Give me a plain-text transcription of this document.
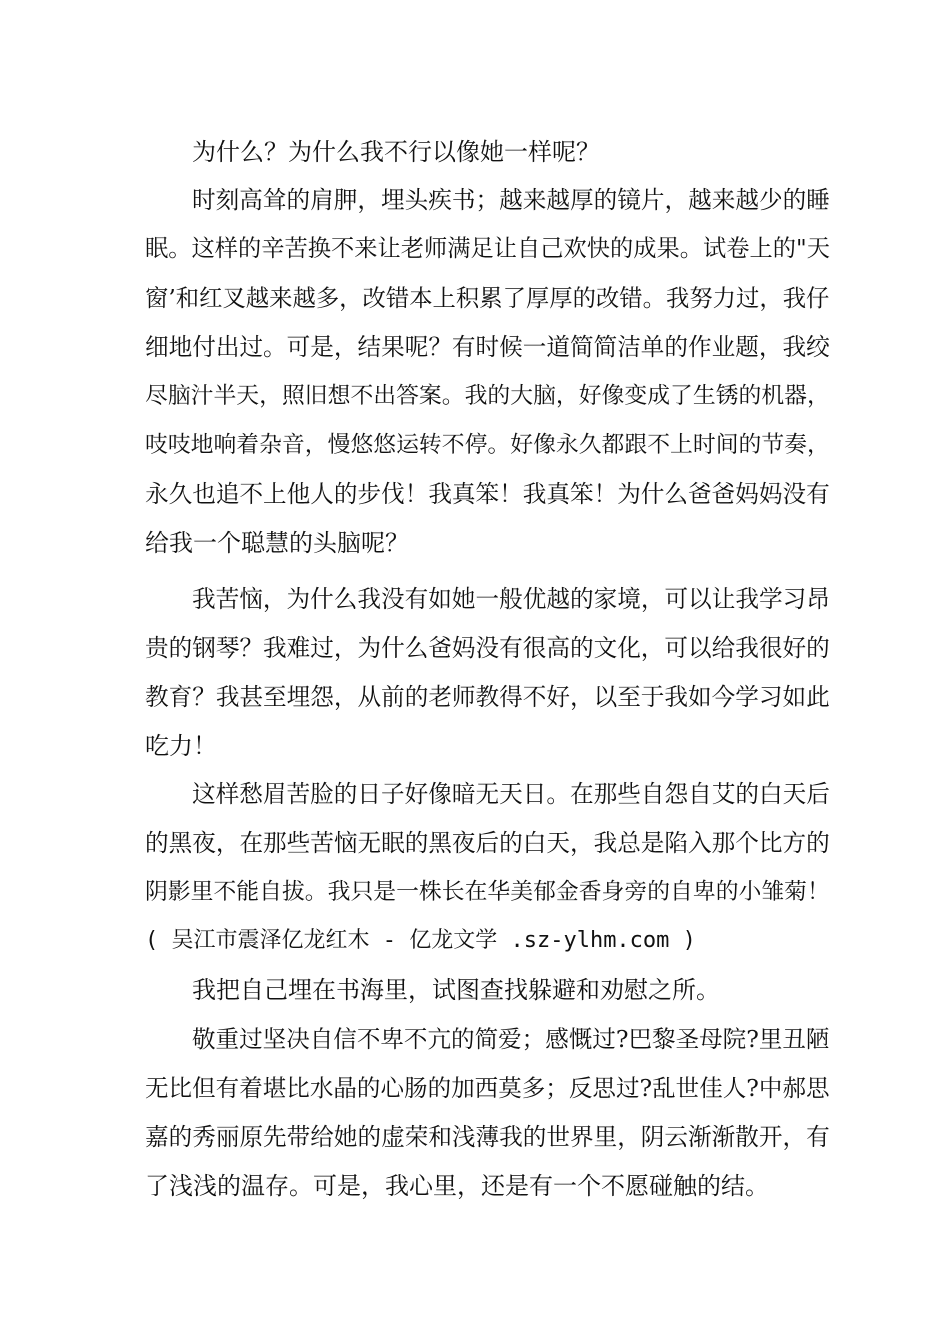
为什么？为什么我不行以像她一样呢？
时刻高耸的肩胛，埋头疾书；越来越厚的镜片，越来越少的睡
眠。这样的辛苦换不来让老师满足让自己欢快的成果。试卷上的"天
窗’和红叉越来越多，改错本上积累了厚厚的改错。我努力过，我仔
细地付出过。可是，结果呢？有时候一道简简洁单的作业题，我绞
尽脑汁半天，照旧想不出答案。我的大脑，好像变成了生锈的机器，
吱吱地响着杂音，慢悠悠运转不停。好像永久都跟不上时间的节奏，
永久也追不上他人的步伐！我真笨！我真笨！为什么爸爸妈妈没有
给我一个聪慧的头脑呢？
我苦恼，为什么我没有如她一般优越的家境，可以让我学习昂
贵的钢琴？我难过，为什么爸妈没有很高的文化，可以给我很好的
教育？我甚至埋怨，从前的老师教得不好，以至于我如今学习如此
吃力！
这样愁眉苦脸的日子好像暗无天日。在那些自怨自艾的白天后
的黑夜，在那些苦恼无眠的黑夜后的白天，我总是陷入那个比方的
阴影里不能自拔。我只是一株长在华美郁金香身旁的自卑的小雏菊！
( 吴江市震泽亿龙红木 - 亿龙文学 .sz-ylhm.com )
我把自己埋在书海里，试图查找躲避和劝慰之所。
敬重过坚决自信不卑不亢的简爱；感慨过?巴黎圣母院?里丑陋
无比但有着堪比水晶的心肠的加西莫多；反思过?乱世佳人?中郝思
嘉的秀丽原先带给她的虚荣和浅薄我的世界里，阴云渐渐散开，有
了浅浅的温存。可是，我心里，还是有一个不愿碰触的结。
